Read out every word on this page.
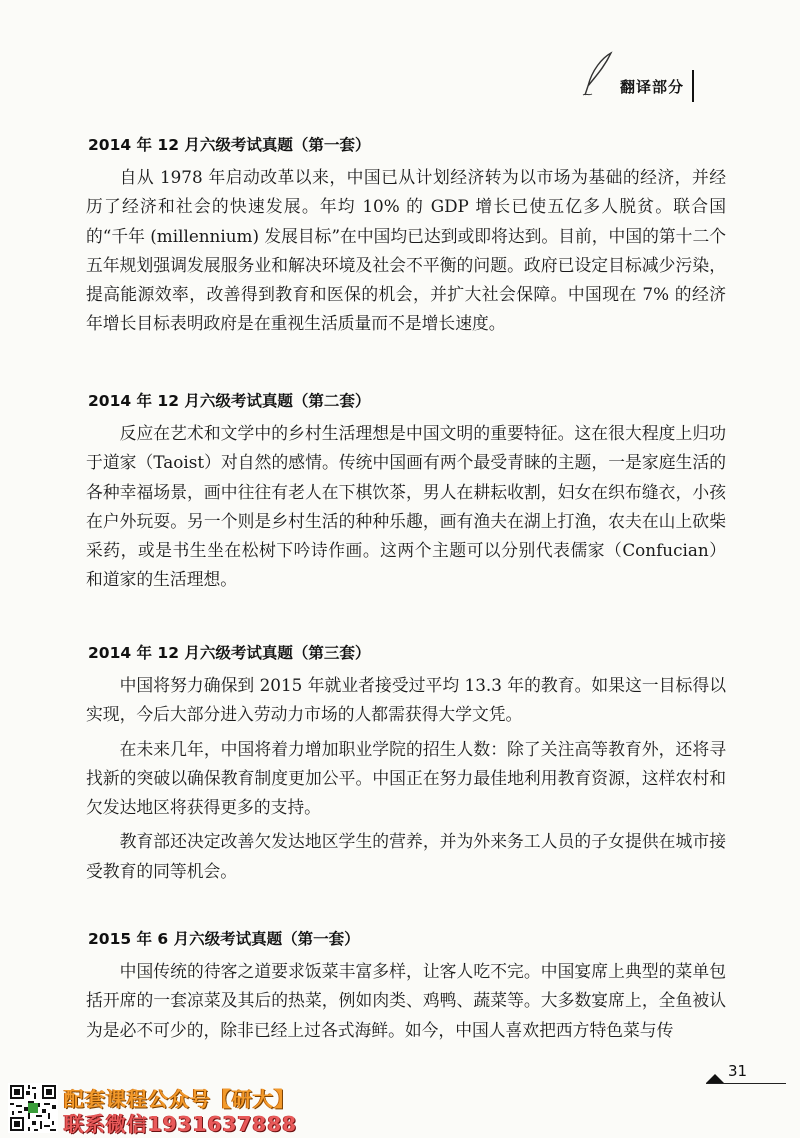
翻译部分
2014 年 12 月六级考试真题（第一套）

自从 1978 年启动改革以来，中国已从计划经济转为以市场为基础的经济，并经历了经济和社会的快速发展。年均 10% 的 GDP 增长已使五亿多人脱贫。联合国的“千年 (millennium) 发展目标”在中国均已达到或即将达到。目前，中国的第十二个五年规划强调发展服务业和解决环境及社会不平衡的问题。政府已设定目标减少污染，提高能源效率，改善得到教育和医保的机会，并扩大社会保障。中国现在 7% 的经济年增长目标表明政府是在重视生活质量而不是增长速度。

2014 年 12 月六级考试真题（第二套）

反应在艺术和文学中的乡村生活理想是中国文明的重要特征。这在很大程度上归功于道家（Taoist）对自然的感情。传统中国画有两个最受青睐的主题，一是家庭生活的各种幸福场景，画中往往有老人在下棋饮茶，男人在耕耘收割，妇女在织布缝衣，小孩在户外玩耍。另一个则是乡村生活的种种乐趣，画有渔夫在湖上打渔，农夫在山上砍柴采药，或是书生坐在松树下吟诗作画。这两个主题可以分别代表儒家（Confucian）和道家的生活理想。

2014 年 12 月六级考试真题（第三套）

中国将努力确保到 2015 年就业者接受过平均 13.3 年的教育。如果这一目标得以实现，今后大部分进入劳动力市场的人都需获得大学文凭。

在未来几年，中国将着力增加职业学院的招生人数：除了关注高等教育外，还将寻找新的突破以确保教育制度更加公平。中国正在努力最佳地利用教育资源，这样农村和欠发达地区将获得更多的支持。

教育部还决定改善欠发达地区学生的营养，并为外来务工人员的子女提供在城市接受教育的同等机会。

2015 年 6 月六级考试真题（第一套）

中国传统的待客之道要求饭菜丰富多样，让客人吃不完。中国宴席上典型的菜单包括开席的一套凉菜及其后的热菜，例如肉类、鸡鸭、蔬菜等。大多数宴席上，全鱼被认为是必不可少的，除非已经上过各式海鲜。如今，中国人喜欢把西方特色菜与传

31
配套课程公众号【研大】
联系微信1931637888
